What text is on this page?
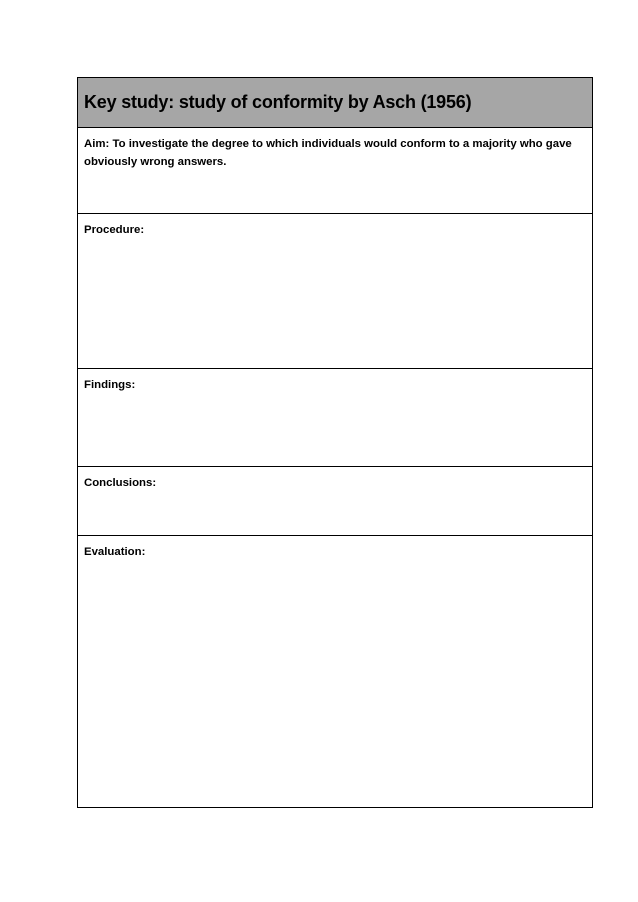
Key study: study of conformity by Asch (1956)
Aim: To investigate the degree to which individuals would conform to a majority who gave obviously wrong answers.
Procedure:
Findings:
Conclusions:
Evaluation:
